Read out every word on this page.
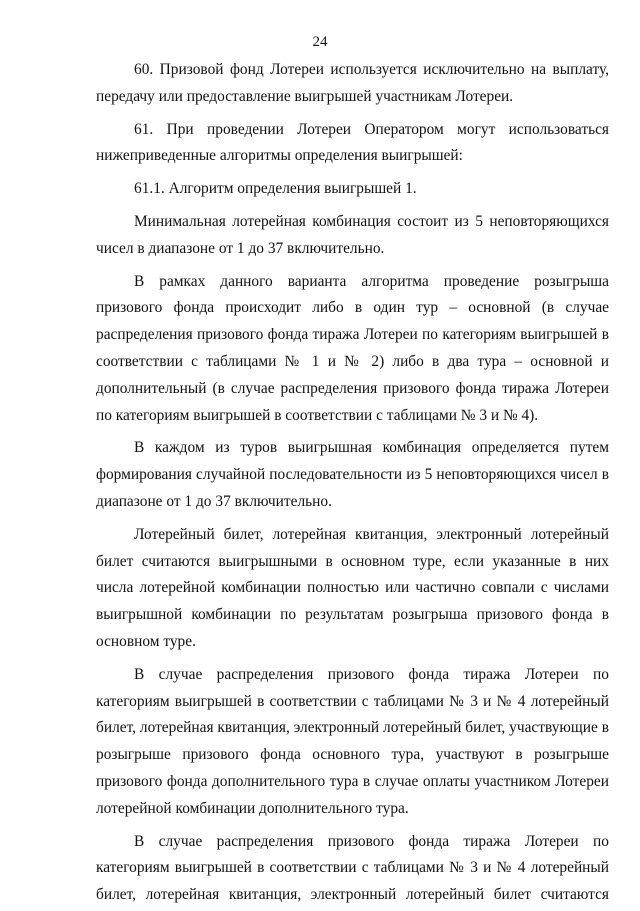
24

60. Призовой фонд Лотереи используется исключительно на выплату, передачу или предоставление выигрышей участникам Лотереи.

61. При проведении Лотереи Оператором могут использоваться нижеприведенные алгоритмы определения выигрышей:

61.1. Алгоритм определения выигрышей 1.

Минимальная лотерейная комбинация состоит из 5 неповторяющихся чисел в диапазоне от 1 до 37 включительно.

В рамках данного варианта алгоритма проведение розыгрыша призового фонда происходит либо в один тур – основной (в случае распределения призового фонда тиража Лотереи по категориям выигрышей в соответствии с таблицами № 1 и № 2) либо в два тура – основной и дополнительный (в случае распределения призового фонда тиража Лотереи по категориям выигрышей в соответствии с таблицами № 3 и № 4).

В каждом из туров выигрышная комбинация определяется путем формирования случайной последовательности из 5 неповторяющихся чисел в диапазоне от 1 до 37 включительно.

Лотерейный билет, лотерейная квитанция, электронный лотерейный билет считаются выигрышными в основном туре, если указанные в них числа лотерейной комбинации полностью или частично совпали с числами выигрышной комбинации по результатам розыгрыша призового фонда в основном туре.

В случае распределения призового фонда тиража Лотереи по категориям выигрышей в соответствии с таблицами № 3 и № 4 лотерейный билет, лотерейная квитанция, электронный лотерейный билет, участвующие в розыгрыше призового фонда основного тура, участвуют в розыгрыше призового фонда дополнительного тура в случае оплаты участником Лотереи лотерейной комбинации дополнительного тура.

В случае распределения призового фонда тиража Лотереи по категориям выигрышей в соответствии с таблицами № 3 и № 4 лотерейный билет, лотерейная квитанция, электронный лотерейный билет считаются
